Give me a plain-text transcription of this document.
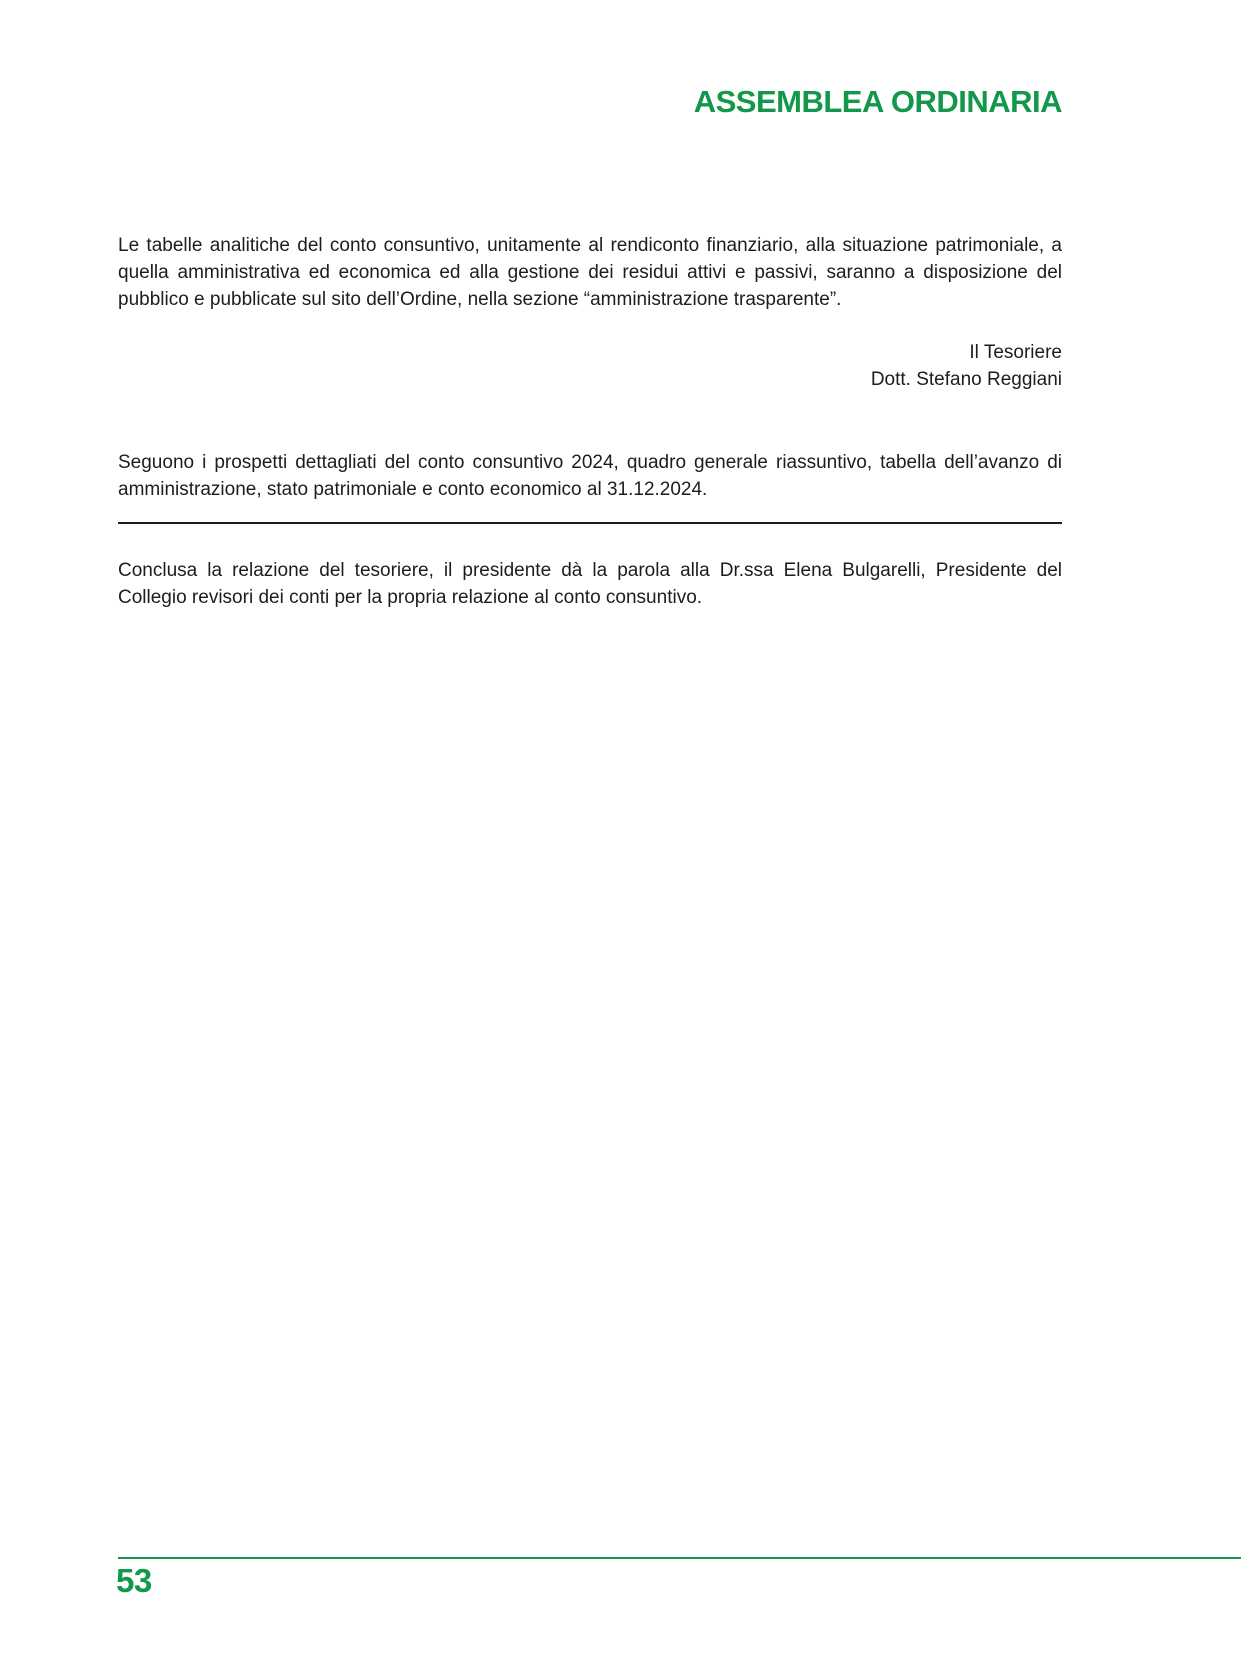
ASSEMBLEA ORDINARIA

Le tabelle analitiche del conto consuntivo, unitamente al rendiconto finanziario, alla situazione patrimoniale, a quella amministrativa ed economica ed alla gestione dei residui attivi e passivi, saranno a disposizione del pubblico e pubblicate sul sito dell’Ordine, nella sezione “amministrazione trasparente”.

Il Tesoriere
Dott. Stefano Reggiani

Seguono i prospetti dettagliati del conto consuntivo 2024, quadro generale riassuntivo, tabella dell’avanzo di amministrazione, stato patrimoniale e conto economico al 31.12.2024.

Conclusa la relazione del tesoriere, il presidente dà la parola alla Dr.ssa Elena Bulgarelli, Presidente del Collegio revisori dei conti per la propria relazione al conto consuntivo.

53
